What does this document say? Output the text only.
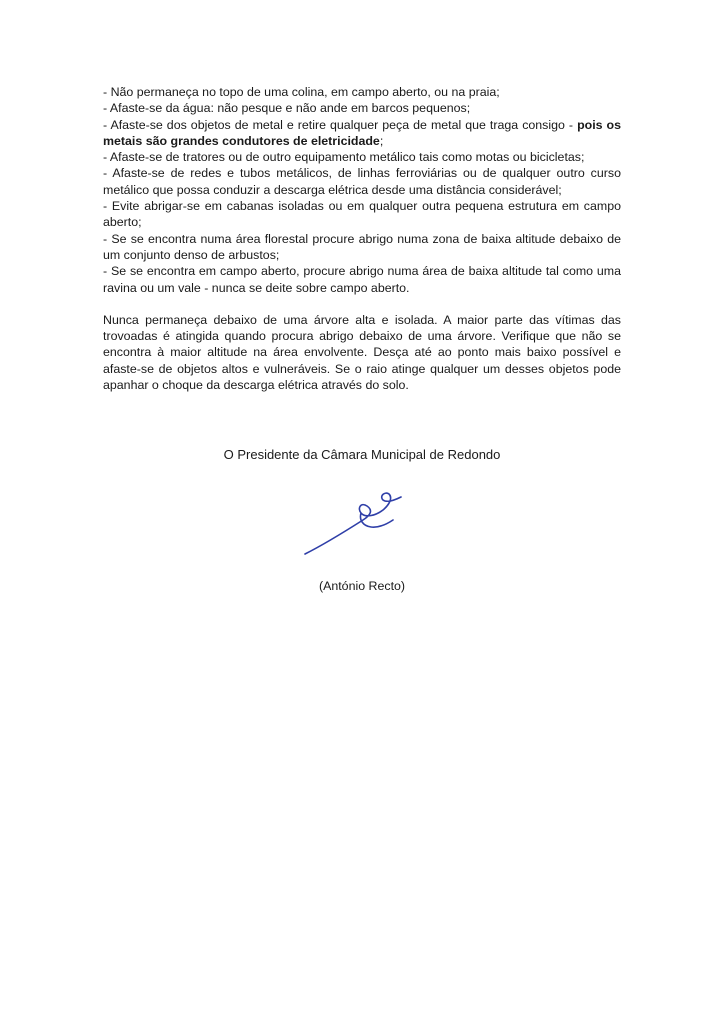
- Não permaneça no topo de uma colina, em campo aberto, ou na praia;
- Afaste-se da água: não pesque e não ande em barcos pequenos;
- Afaste-se dos objetos de metal e retire qualquer peça de metal que traga consigo - pois os metais são grandes condutores de eletricidade;
- Afaste-se de tratores ou de outro equipamento metálico tais como motas ou bicicletas;
- Afaste-se de redes e tubos metálicos, de linhas ferroviárias ou de qualquer outro curso metálico que possa conduzir a descarga elétrica desde uma distância considerável;
- Evite abrigar-se em cabanas isoladas ou em qualquer outra pequena estrutura em campo aberto;
- Se se encontra numa área florestal procure abrigo numa zona de baixa altitude debaixo de um conjunto denso de arbustos;
- Se se encontra em campo aberto, procure abrigo numa área de baixa altitude tal como uma ravina ou um vale - nunca se deite sobre campo aberto.

Nunca permaneça debaixo de uma árvore alta e isolada. A maior parte das vítimas das trovoadas é atingida quando procura abrigo debaixo de uma árvore. Verifique que não se encontra à maior altitude na área envolvente. Desça até ao ponto mais baixo possível e afaste-se de objetos altos e vulneráveis. Se o raio atinge qualquer um desses objetos pode apanhar o choque da descarga elétrica através do solo.

O Presidente da Câmara Municipal de Redondo

(António Recto)
